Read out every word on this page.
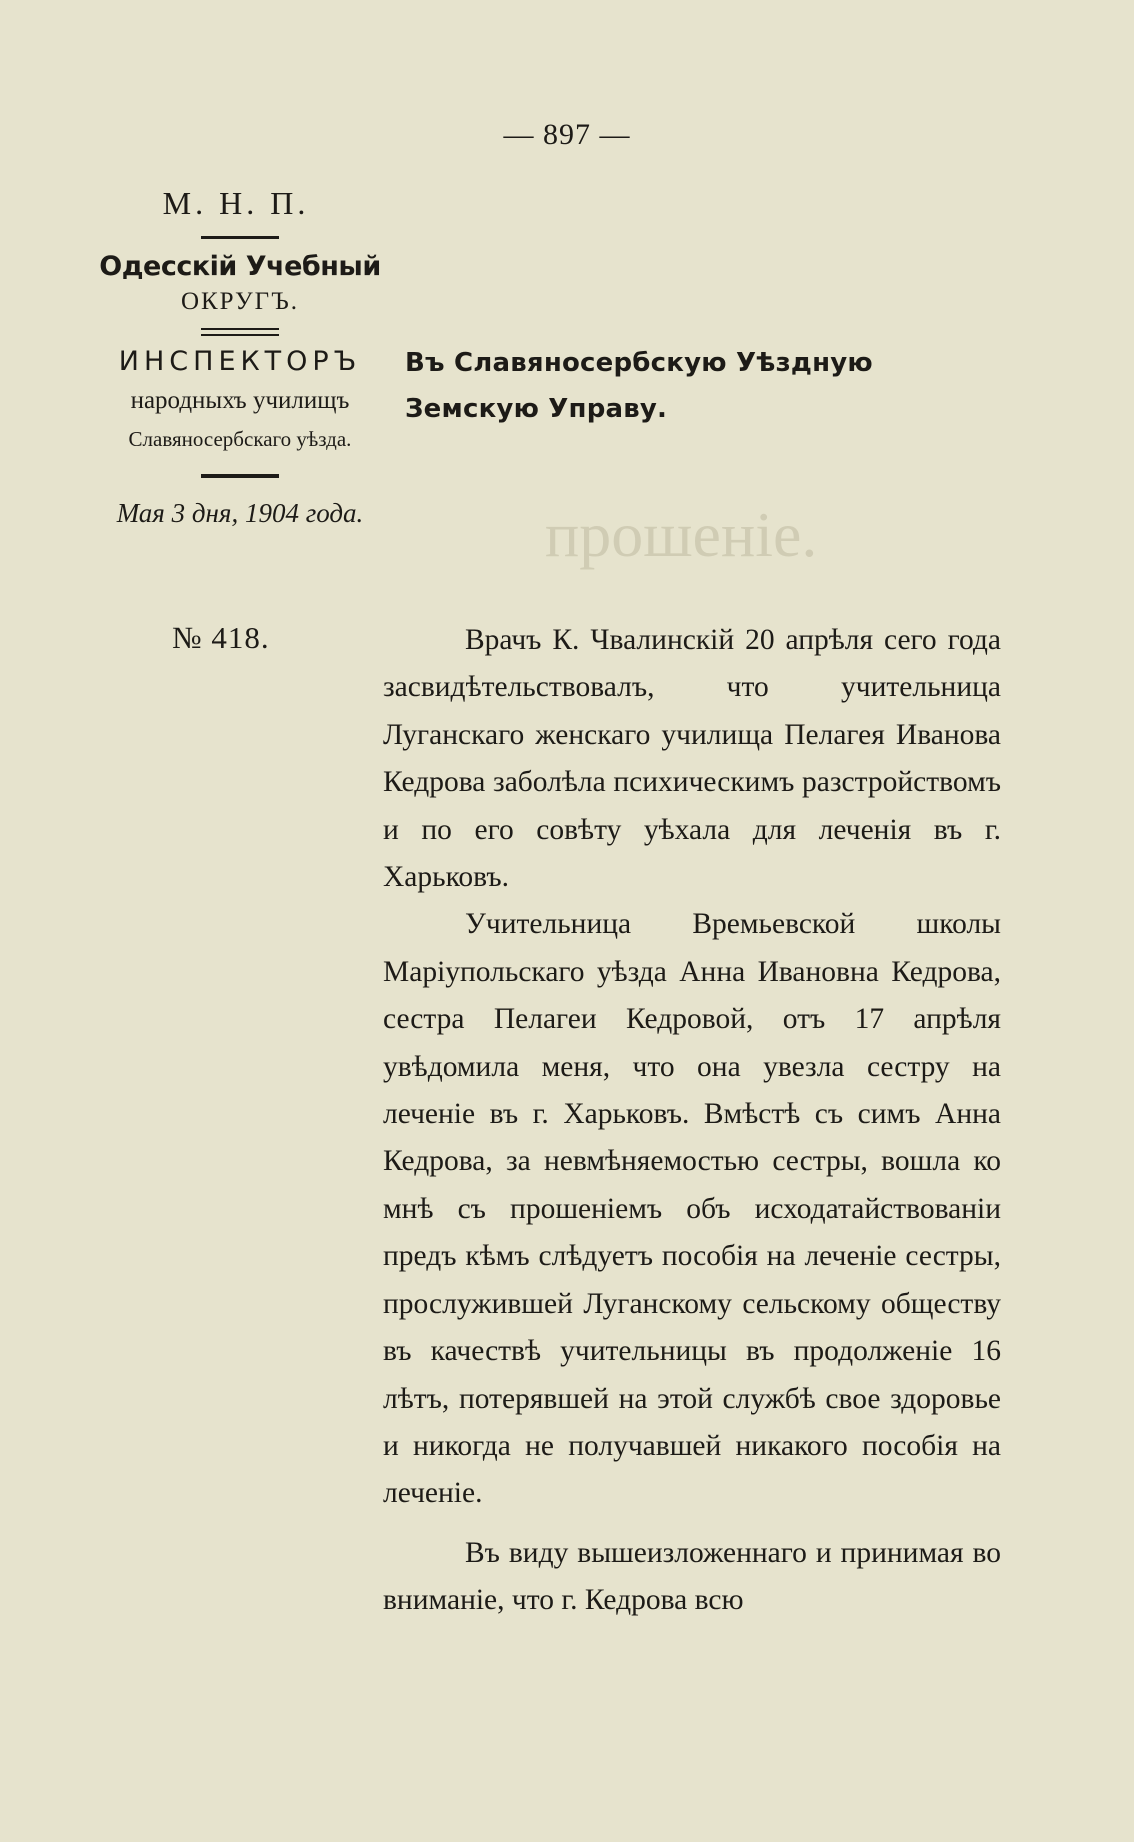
прошеніе.
— 897 —
М. Н. П.
Одесскій Учебный
ОКРУГЪ.
ИНСПЕКТОРЪ
народныхъ училищъ
Славяносербскаго уѣзда.
Мая 3 дня, 1904 года.
№ 418.
Въ Славяносербскую Уѣздную Земскую Управу.
Врачъ К. Чвалинскій 20 апрѣля сего года засвидѣтельствовалъ, что учительница Луганскаго женскаго училища Пелагея Иванова Кедрова заболѣла психическимъ разстройствомъ и по его совѣту уѣхала для леченія въ г. Харьковъ.
Учительница Времьевской школы Маріупольскаго уѣзда Анна Ивановна Кедрова, сестра Пелагеи Кедровой, отъ 17 апрѣля увѣдомила меня, что она увезла сестру на леченіе въ г. Харьковъ. Вмѣстѣ съ симъ Анна Кедрова, за невмѣняемостью сестры, вошла ко мнѣ съ прошеніемъ объ исходатайствованіи предъ кѣмъ слѣдуетъ пособія на леченіе сестры, прослужившей Луганскому сельскому обществу въ качествѣ учительницы въ продолженіе 16 лѣтъ, потерявшей на этой службѣ свое здоровье и никогда не получавшей никакого пособія на леченіе.
Въ виду вышеизложеннаго и принимая во вниманіе, что г. Кедрова всю
